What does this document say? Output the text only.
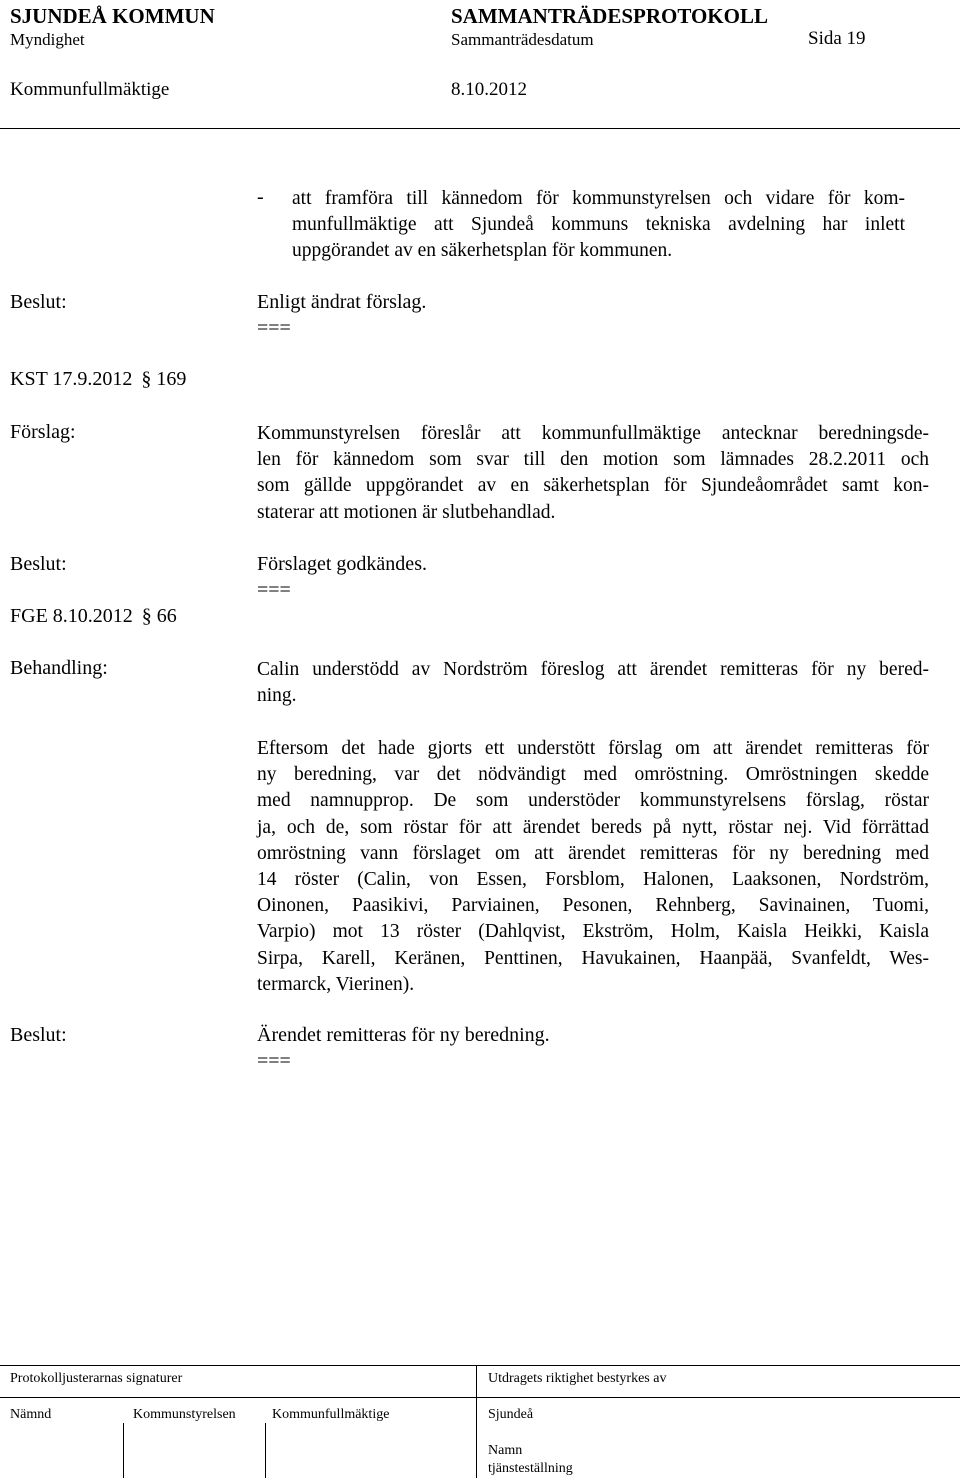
SJUNDEÅ KOMMUN	SAMMANTRÄDESPROTOKOLL
Myndighet	Sammanträdesdatum	Sida 19
Kommunfullmäktige	8.10.2012
- att framföra till kännedom för kommunstyrelsen och vidare för kom-
munfullmäktige att Sjundeå kommuns tekniska avdelning har inlett
uppgörandet av en säkerhetsplan för kommunen.
Beslut:	Enligt ändrat förslag.
===
KST 17.9.2012 § 169
Förslag:	Kommunstyrelsen föreslår att kommunfullmäktige antecknar beredningsde-
len för kännedom som svar till den motion som lämnades 28.2.2011 och
som gällde uppgörandet av en säkerhetsplan för Sjundeåområdet samt kon-
staterar att motionen är slutbehandlad.
Beslut:	Förslaget godkändes.
===
FGE 8.10.2012 § 66
Behandling:	Calin understödd av Nordström föreslog att ärendet remitteras för ny bered-
ning.
Eftersom det hade gjorts ett understött förslag om att ärendet remitteras för
ny beredning, var det nödvändigt med omröstning. Omröstningen skedde
med namnupprop. De som understöder kommunstyrelsens förslag, röstar
ja, och de, som röstar för att ärendet bereds på nytt, röstar nej. Vid förrättad
omröstning vann förslaget om att ärendet remitteras för ny beredning med
14 röster (Calin, von Essen, Forsblom, Halonen, Laaksonen, Nordström,
Oinonen, Paasikivi, Parviainen, Pesonen, Rehnberg, Savinainen, Tuomi,
Varpio) mot 13 röster (Dahlqvist, Ekström, Holm, Kaisla Heikki, Kaisla
Sirpa, Karell, Keränen, Penttinen, Havukainen, Haanpää, Svanfeldt, Wes-
termarck, Vierinen).
Beslut:	Ärendet remitteras för ny beredning.
===
Protokolljusterarnas signaturer	Utdragets riktighet bestyrkes av
Nämnd	Kommunstyrelsen	Kommunfullmäktige	Sjundeå
Namn
tjänsteställning
